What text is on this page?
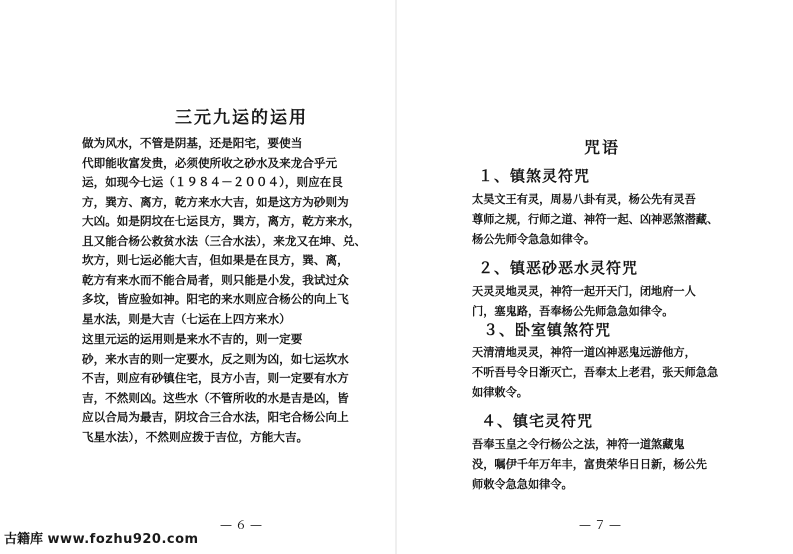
三元九运的运用
做为风水，不管是阴基，还是阳宅，要使当
代即能收富发贵，必须使所收之砂水及来龙合乎元
运，如现今七运（１９８４－２００４），则应在艮
方，巽方、离方，乾方来水大吉，如是这方为砂则为
大凶。如是阴坟在七运艮方，巽方，离方，乾方来水，
且又能合杨公救贫水法（三合水法），来龙又在坤、兑、
坎方，则七运必能大吉，但如果是在艮方，巽、离，
乾方有来水而不能合局者，则只能是小发，我试过众
多坟，皆应验如神。阳宅的来水则应合杨公的向上飞
星水法，则是大吉（七运在上四方来水）
这里元运的运用则是来水不吉的，则一定要
砂，来水吉的则一定要水，反之则为凶，如七运坎水
不吉，则应有砂镇住宅，艮方小吉，则一定要有水方
吉，不然则凶。这些水（不管所收的水是吉是凶，皆
应以合局为最吉，阴坟合三合水法，阳宅合杨公向上
飞星水法），不然则应拨于吉位，方能大吉。
—６—
古籍库 www.fozhu920.com
咒语
１、镇煞灵符咒
太昊文王有灵，周易八卦有灵，杨公先有灵吾
尊师之规，行师之道、神符一起、凶神恶煞潜藏、
杨公先师令急急如律令。
２、镇恶砂恶水灵符咒
天灵灵地灵灵，神符一起开天门，闭地府一人
门，塞鬼路，吾奉杨公先师急急如律令。
３、卧室镇煞符咒
天清清地灵灵，神符一道凶神恶鬼远游他方，
不听吾号令日渐灭亡，吾奉太上老君，张天师急急
如律敕令。
４、镇宅灵符咒
吾奉玉皇之令行杨公之法，神符一道煞藏鬼
没，嘱伊千年万年丰，富贵荣华日日新，杨公先
师敕令急急如律令。
—７—
